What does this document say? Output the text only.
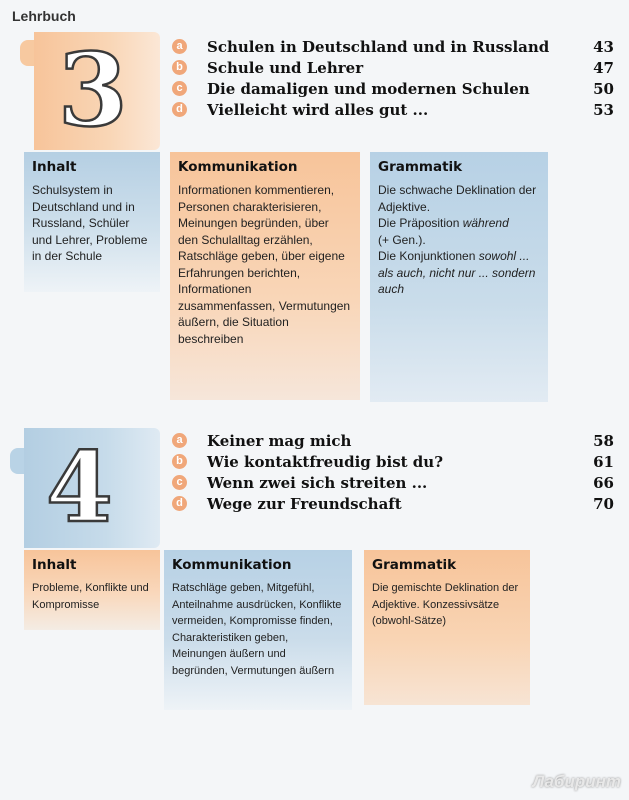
Lehrbuch
3	a Schulen in Deutschland und in Russland	43
b Schule und Lehrer	47
c Die damaligen und modernen Schulen	50
d Vielleicht wird alles gut ...	53
Inhalt

Schulsystem in Deutschland und in Russland, Schüler und Lehrer, Probleme in der Schule

Kommunikation

Informationen kommentieren, Personen charakterisieren, Meinungen begründen, über den Schulalltag erzählen, Ratschläge geben, über eigene Erfahrungen berichten, Informationen zusammenfassen, Vermutungen äußern, die Situation beschreiben

Grammatik

Die schwache Deklination der Adjektive.

Die Präposition während
(+ Gen.).

Die Konjunktionen sowohl ... als auch, nicht nur ... sondern auch

4	a Keiner mag mich	58
b Wie kontaktfreudig bist du?	61
c Wenn zwei sich streiten ...	66
d Wege zur Freundschaft	70
Inhalt

Probleme, Konflikte und Kompromisse

Kommunikation

Ratschläge geben, Mitgefühl, Anteilnahme ausdrücken, Konflikte vermeiden, Kompromisse finden, Charakteristiken geben, Meinungen äußern und begründen, Vermutungen äußern

Grammatik

Die gemischte Deklination der Adjektive. Konzessivsätze (obwohl-Sätze)

Лабиринт
